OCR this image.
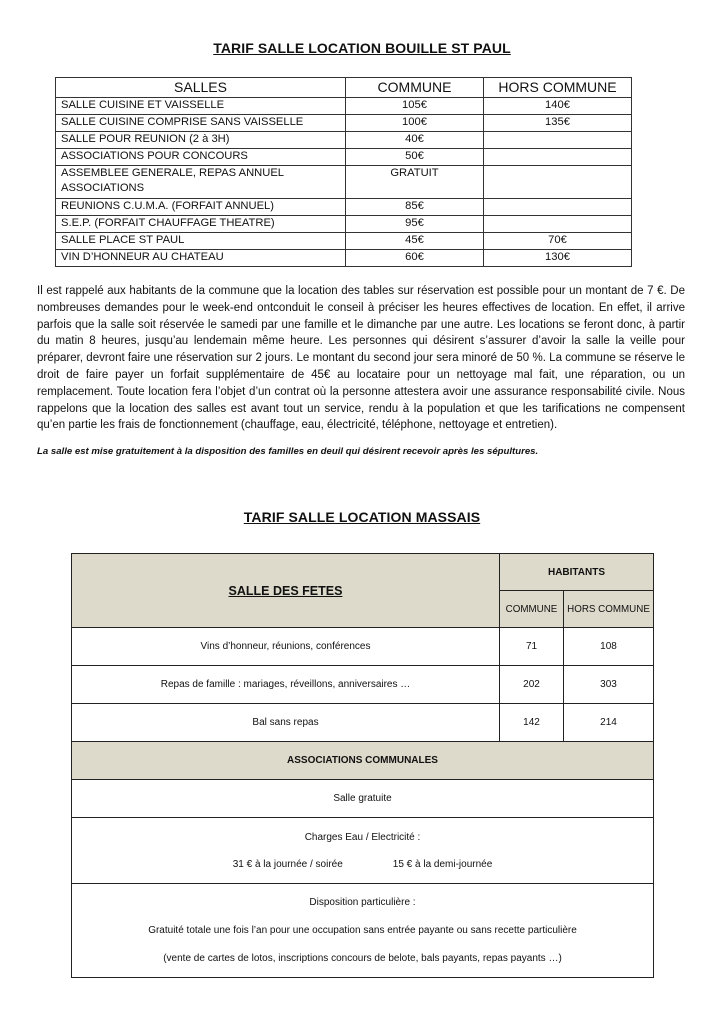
TARIF SALLE LOCATION BOUILLE ST PAUL
SALLES	COMMUNE	HORS COMMUNE
SALLE CUISINE ET VAISSELLE	105€	140€
SALLE CUISINE COMPRISE SANS VAISSELLE	100€	135€
SALLE POUR REUNION (2 à 3H)	40€	
ASSOCIATIONS POUR CONCOURS	50€	
ASSEMBLEE GENERALE, REPAS ANNUEL ASSOCIATIONS	GRATUIT	
REUNIONS C.U.M.A. (FORFAIT ANNUEL)	85€	
S.E.P. (FORFAIT CHAUFFAGE THEATRE)	95€	
SALLE PLACE ST PAUL	45€	70€
VIN D’HONNEUR AU CHATEAU	60€	130€
Il est rappelé aux habitants de la commune que la location des tables sur réservation est possible pour un montant de 7 €. De nombreuses demandes pour le week-end ontconduit le conseil à préciser les heures effectives de location. En effet, il arrive parfois que la salle soit réservée le samedi par une famille et le dimanche par une autre. Les locations se feront donc, à partir du matin 8 heures, jusqu’au lendemain même heure. Les personnes qui désirent s’assurer d’avoir la salle la veille pour préparer, devront faire une réservation sur 2 jours. Le montant du second jour sera minoré de 50 %. La commune se réserve le droit de faire payer un forfait supplémentaire de 45€ au locataire pour un nettoyage mal fait, une réparation, ou un remplacement. Toute location fera l’objet d’un contrat où la personne attestera avoir une assurance responsabilité civile. Nous rappelons que la location des salles est avant tout un service, rendu à la population et que les tarifications ne compensent qu’en partie les frais de fonctionnement (chauffage, eau, électricité, téléphone, nettoyage et entretien).
La salle est mise gratuitement à la disposition des familles en deuil qui désirent recevoir après les sépultures.
TARIF SALLE LOCATION MASSAIS
SALLE DES FETES	HABITANTS	
	COMMUNE	HORS COMMUNE
Vins d’honneur, réunions, conférences	71	108
Repas de famille : mariages, réveillons, anniversaires …	202	303
Bal sans repas	142	214
ASSOCIATIONS COMMUNALES		
Salle gratuite		

Charges Eau / Electricité :
31 € à la journée / soirée 15 € à la demi-journée		

Disposition particulière :
Gratuité totale une fois l’an pour une occupation sans entrée payante ou sans recette particulière
(vente de cartes de lotos, inscriptions concours de belote, bals payants, repas payants …)		
